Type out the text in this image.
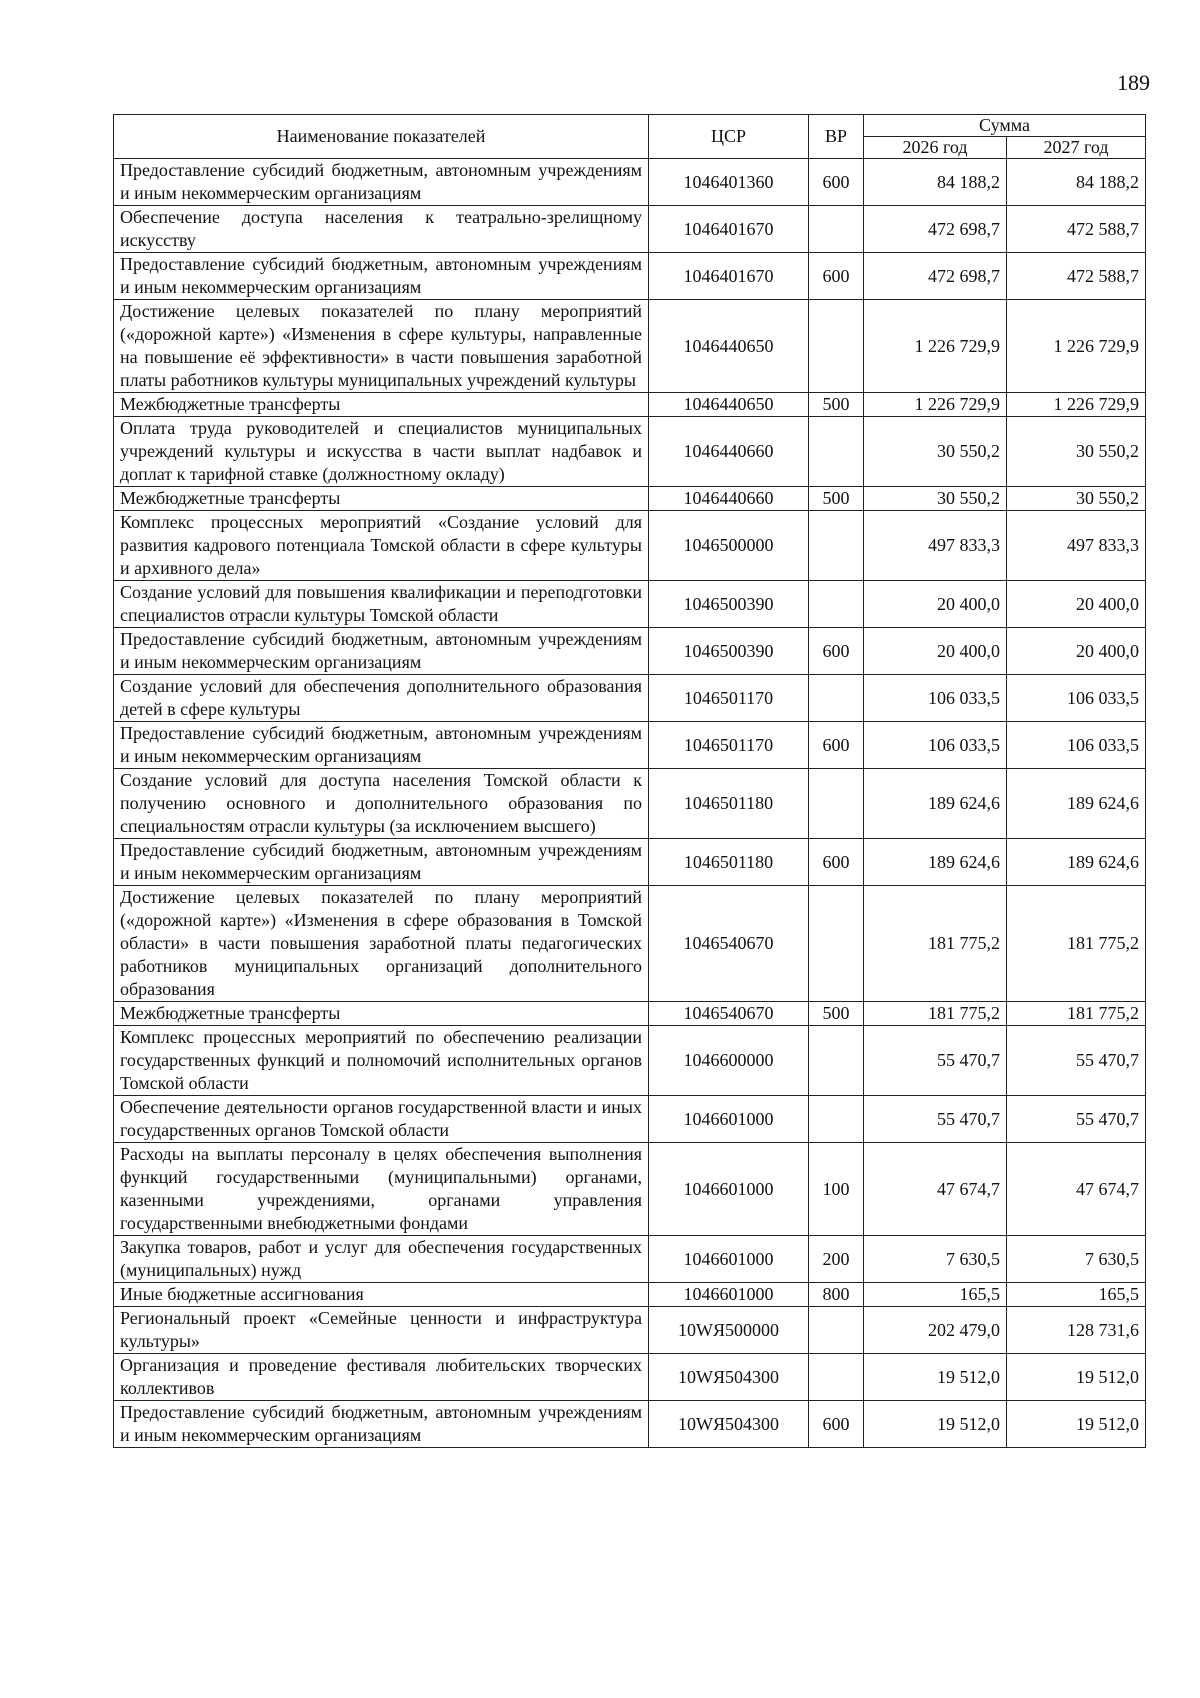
189
Наименование показателей	ЦСР	ВР	Сумма	
			2026 год	2027 год
Предоставление субсидий бюджетным, автономным учреждениям и иным некоммерческим организациям	1046401360	600	84 188,2	84 188,2
Обеспечение доступа населения к театрально-зрелищному искусству	1046401670		472 698,7	472 588,7
Предоставление субсидий бюджетным, автономным учреждениям и иным некоммерческим организациям	1046401670	600	472 698,7	472 588,7
Достижение целевых показателей по плану мероприятий («дорожной карте») «Изменения в сфере культуры, направленные на повышение её эффективности» в части повышения заработной платы работников культуры муниципальных учреждений культуры	1046440650		1 226 729,9	1 226 729,9
Межбюджетные трансферты	1046440650	500	1 226 729,9	1 226 729,9
Оплата труда руководителей и специалистов муниципальных учреждений культуры и искусства в части выплат надбавок и доплат к тарифной ставке (должностному окладу)	1046440660		30 550,2	30 550,2
Межбюджетные трансферты	1046440660	500	30 550,2	30 550,2
Комплекс процессных мероприятий «Создание условий для развития кадрового потенциала Томской области в сфере культуры и архивного дела»	1046500000		497 833,3	497 833,3
Создание условий для повышения квалификации и переподготовки специалистов отрасли культуры Томской области	1046500390		20 400,0	20 400,0
Предоставление субсидий бюджетным, автономным учреждениям и иным некоммерческим организациям	1046500390	600	20 400,0	20 400,0
Создание условий для обеспечения дополнительного образования детей в сфере культуры	1046501170		106 033,5	106 033,5
Предоставление субсидий бюджетным, автономным учреждениям и иным некоммерческим организациям	1046501170	600	106 033,5	106 033,5
Создание условий для доступа населения Томской области к получению основного и дополнительного образования по специальностям отрасли культуры (за исключением высшего)	1046501180		189 624,6	189 624,6
Предоставление субсидий бюджетным, автономным учреждениям и иным некоммерческим организациям	1046501180	600	189 624,6	189 624,6
Достижение целевых показателей по плану мероприятий («дорожной карте») «Изменения в сфере образования в Томской области» в части повышения заработной платы педагогических работников муниципальных организаций дополнительного образования	1046540670		181 775,2	181 775,2
Межбюджетные трансферты	1046540670	500	181 775,2	181 775,2
Комплекс процессных мероприятий по обеспечению реализации государственных функций и полномочий исполнительных органов Томской области	1046600000		55 470,7	55 470,7
Обеспечение деятельности органов государственной власти и иных государственных органов Томской области	1046601000		55 470,7	55 470,7
Расходы на выплаты персоналу в целях обеспечения выполнения функций государственными (муниципальными) органами, казенными учреждениями, органами управления государственными внебюджетными фондами	1046601000	100	47 674,7	47 674,7
Закупка товаров, работ и услуг для обеспечения государственных (муниципальных) нужд	1046601000	200	7 630,5	7 630,5
Иные бюджетные ассигнования	1046601000	800	165,5	165,5
Региональный проект «Семейные ценности и инфраструктура культуры»	10WЯ500000		202 479,0	128 731,6
Организация и проведение фестиваля любительских творческих коллективов	10WЯ504300		19 512,0	19 512,0
Предоставление субсидий бюджетным, автономным учреждениям и иным некоммерческим организациям	10WЯ504300	600	19 512,0	19 512,0
